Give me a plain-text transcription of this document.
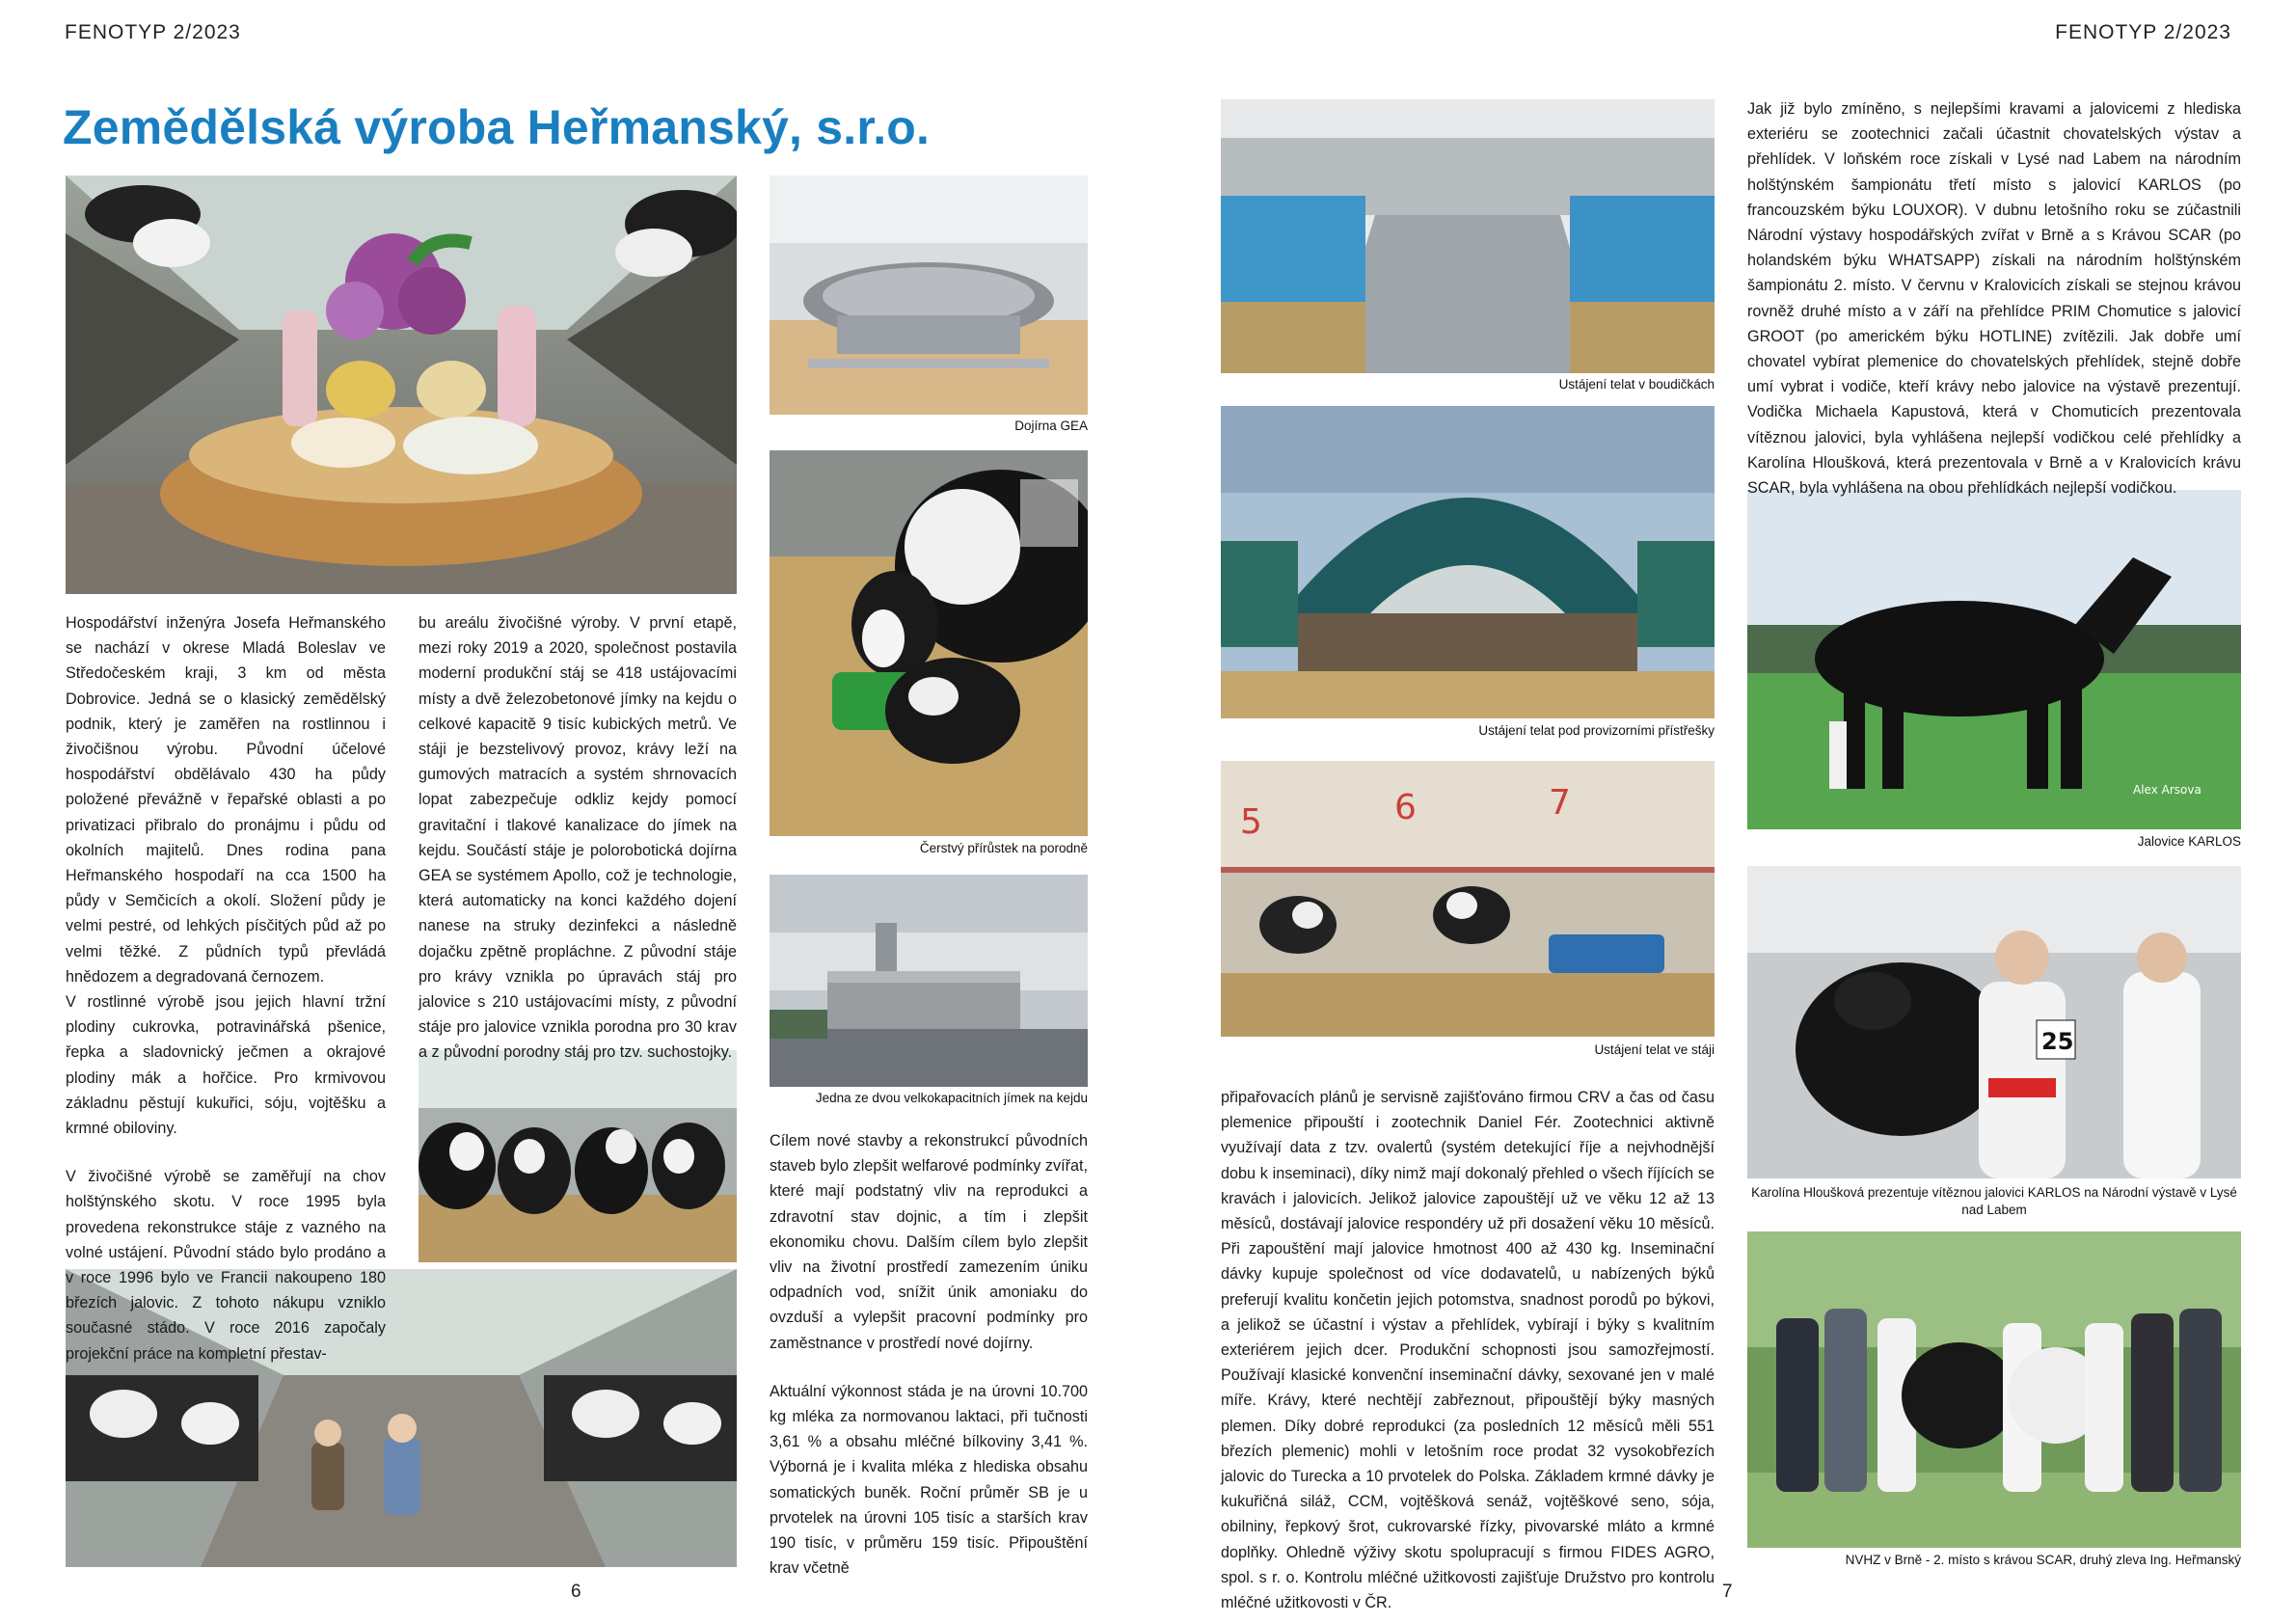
FENOTYP 2/2023	FENOTYP 2/2023
Zemědělská výroba Heřmanský, s.r.o.
Dojírna GEA
Čerstvý přírůstek na porodně
Jedna ze dvou velkokapacitních jímek na kejdu

Hospodářství inženýra Josefa Heřmanského se nachází v okrese Mladá Boleslav ve Středočeském kraji, 3 km od města Dobrovice. Jedná se o klasický zemědělský podnik, který je zaměřen na rostlinnou i živočišnou výrobu. Původní účelové hospodářství obdělávalo 430 ha půdy položené převážně v řepařské oblasti a po privatizaci přibralo do pronájmu i půdu od okolních majitelů. Dnes rodina pana Heřmanského hospodaří na cca 1500 ha půdy v Semčicích a okolí. Složení půdy je velmi pestré, od lehkých písčitých půd až po velmi těžké. Z půdních typů převládá hnědozem a degradovaná černozem.

V rostlinné výrobě jsou jejich hlavní tržní plodiny cukrovka, potravinářská pšenice, řepka a sladovnický ječmen a okrajové plodiny mák a hořčice. Pro krmivovou základnu pěstují kukuřici, sóju, vojtěšku a krmné obiloviny.

V živočišné výrobě se zaměřují na chov holštýnského skotu. V roce 1995 byla provedena rekonstrukce stáje z vazného na volné ustájení. Původní stádo bylo prodáno a v roce 1996 bylo ve Francii nakoupeno 180 březích jalovic. Z tohoto nákupu vzniklo současné stádo. V roce 2016 započaly projekční práce na kompletní přestav-

bu areálu živočišné výroby. V první etapě, mezi roky 2019 a 2020, společnost postavila moderní produkční stáj se 418 ustájovacími místy a dvě železobetonové jímky na kejdu o celkové kapacitě 9 tisíc kubických metrů. Ve stáji je bezstelivový provoz, krávy leží na gumových matracích a systém shrnovacích lopat zabezpečuje odkliz kejdy pomocí gravitační i tlakové kanalizace do jímek na kejdu. Součástí stáje je polorobotická dojírna GEA se systémem Apollo, což je technologie, která automaticky na konci každého dojení nanese na struky dezinfekci a následně dojačku zpětně propláchne. Z původní stáje pro krávy vznikla po úpravách stáj pro jalovice s 210 ustájovacími místy, z původní stáje pro jalovice vznikla porodna pro 30 krav a z původní porodny stáj pro tzv. suchostojky.

Cílem nové stavby a rekonstrukcí původních staveb bylo zlepšit welfarové podmínky zvířat, které mají podstatný vliv na reprodukci a zdravotní stav dojnic, a tím i zlepšit ekonomiku chovu. Dalším cílem bylo zlepšit vliv na životní prostředí zamezením úniku odpadních vod, snížit únik amoniaku do ovzduší a vylepšit pracovní podmínky pro zaměstnance v prostředí nové dojírny.

Aktuální výkonnost stáda je na úrovni 10.700 kg mléka za normovanou laktaci, při tučnosti 3,61 % a obsahu mléčné bílkoviny 3,41 %. Výborná je i kvalita mléka z hlediska obsahu somatických buněk. Roční průměr SB je u prvotelek na úrovni 105 tisíc a starších krav 190 tisíc, v průměru 159 tisíc. Připouštění krav včetně

6
Ustájení telat v boudičkách
Ustájení telat pod provizorními přístřešky
5	6	7
Ustájení telat ve stáji
Alex Arsova
Jalovice KARLOS
25
Karolína Hloušková prezentuje vítěznou jalovici KARLOS na Národní výstavě v Lysé nad Labem
NVHZ v Brně - 2. místo s krávou SCAR, druhý zleva Ing. Heřmanský

Jak již bylo zmíněno, s nejlepšími kravami a jalovicemi z hlediska exteriéru se zootechnici začali účastnit chovatelských výstav a přehlídek. V loňském roce získali v Lysé nad Labem na národním holštýnském šampionátu třetí místo s jalovicí KARLOS (po francouzském býku LOUXOR). V dubnu letošního roku se zúčastnili Národní výstavy hospodářských zvířat v Brně a s Krávou SCAR (po holandském býku WHATSAPP) získali na národním holštýnském šampionátu 2. místo. V červnu v Kralovicích získali se stejnou krávou rovněž druhé místo a v září na přehlídce PRIM Chomutice s jalovicí GROOT (po americkém býku HOTLINE) zvítězili. Jak dobře umí chovatel vybírat plemenice do chovatelských přehlídek, stejně dobře umí vybrat i vodiče, kteří krávy nebo jalovice na výstavě prezentují. Vodička Michaela Kapustová, která v Chomuticích prezentovala vítěznou jalovici, byla vyhlášena nejlepší vodičkou celé přehlídky a Karolína Hloušková, která prezentovala v Brně a v Kralovicích krávu SCAR, byla vyhlášena na obou přehlídkách nejlepší vodičkou.

připařovacích plánů je servisně zajišťováno firmou CRV a čas od času plemenice připouští i zootechnik Daniel Fér. Zootechnici aktivně využívají data z tzv. ovalertů (systém detekující říje a nejvhodnější dobu k inseminaci), díky nimž mají dokonalý přehled o všech říjících se kravách i jalovicích. Jelikož jalovice zapouštějí už ve věku 12 až 13 měsíců, dostávají jalovice respondéry už při dosažení věku 10 měsíců. Při zapouštění mají jalovice hmotnost 400 až 430 kg. Inseminační dávky kupuje společnost od více dodavatelů, u nabízených býků preferují kvalitu končetin jejich potomstva, snadnost porodů po býkovi, a jelikož se účastní i výstav a přehlídek, vybírají i býky s kvalitním exteriérem jejich dcer. Produkční schopnosti jsou samozřejmostí. Používají klasické konvenční inseminační dávky, sexované jen v malé míře. Krávy, které nechtějí zabřeznout, připouštějí býky masných plemen. Díky dobré reprodukci (za posledních 12 měsíců měli 551 březích plemenic) mohli v letošním roce prodat 32 vysokobřezích jalovic do Turecka a 10 prvotelek do Polska. Základem krmné dávky je kukuřičná siláž, CCM, vojtěšková senáž, vojtěškové seno, sója, obilniny, řepkový šrot, cukrovarské řízky, pivovarské mláto a krmné doplňky. Ohledně výživy skotu spolupracují s firmou FIDES AGRO, spol. s r. o. Kontrolu mléčné užitkovosti zajišťuje Družstvo pro kontrolu mléčné užitkovosti v ČR.

7
